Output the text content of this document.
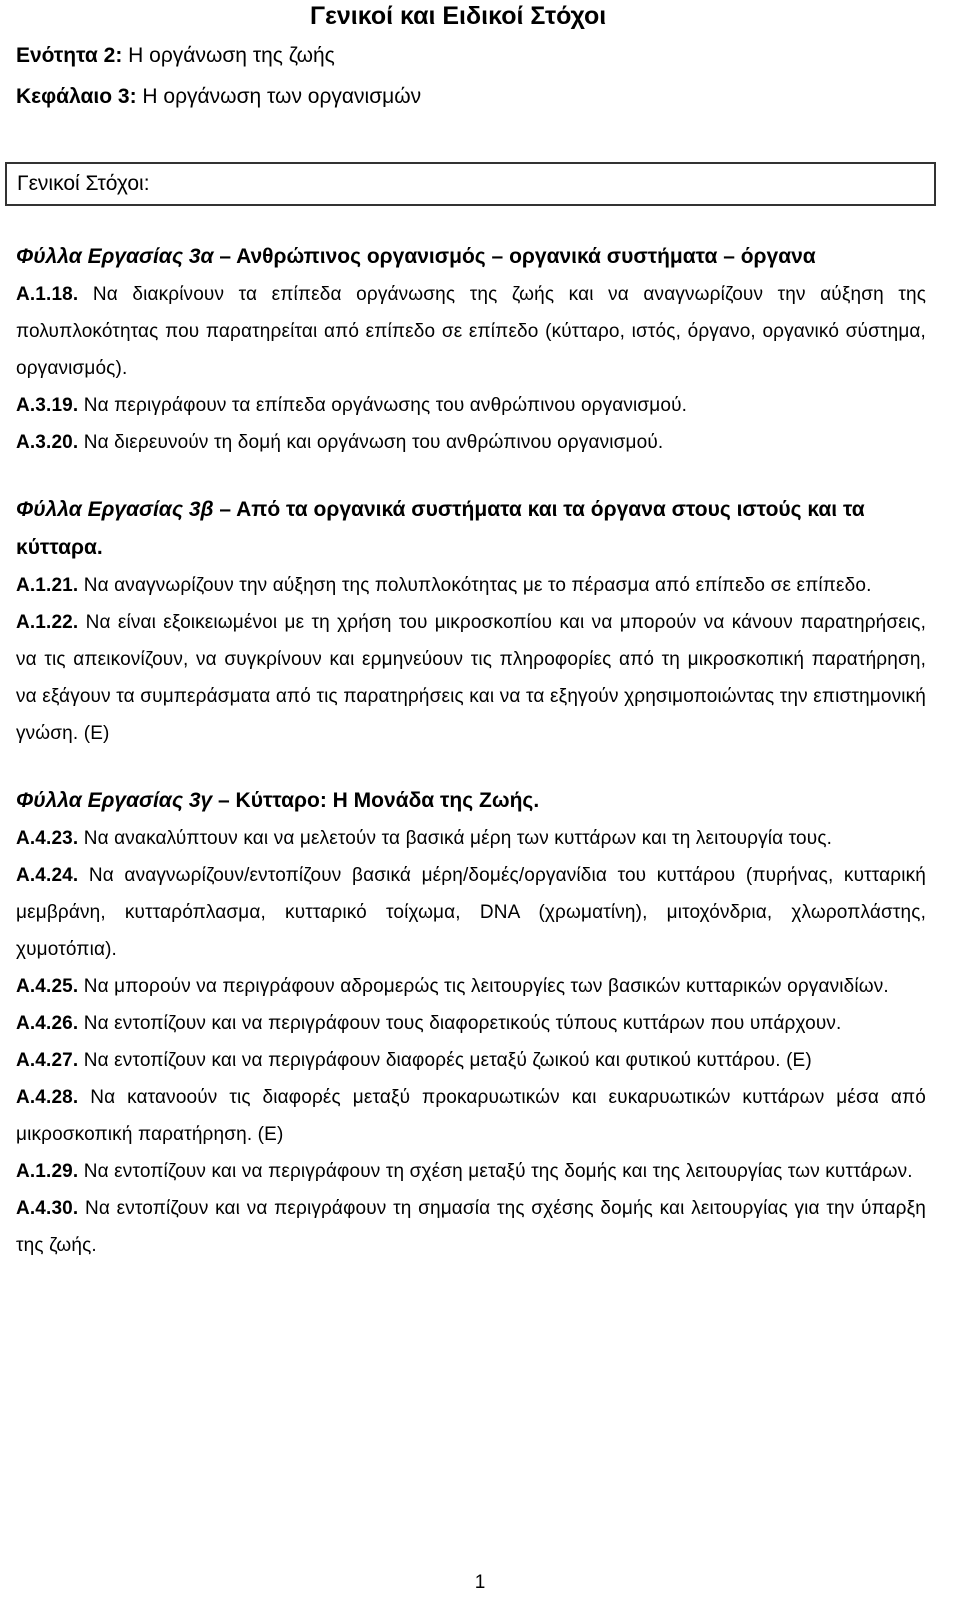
Γενικοί και Ειδικοί Στόχοι
Ενότητα 2: Η οργάνωση της ζωής
Κεφάλαιο 3: Η οργάνωση των οργανισμών
Γενικοί Στόχοι:
Φύλλα Εργασίας 3α – Ανθρώπινος οργανισμός – οργανικά συστήματα – όργανα

Α.1.18. Να διακρίνουν τα επίπεδα οργάνωσης της ζωής και να αναγνωρίζουν την αύξηση της πολυπλοκότητας που παρατηρείται από επίπεδο σε επίπεδο (κύτταρο, ιστός, όργανο, οργανικό σύστημα, οργανισμός).

Α.3.19. Να περιγράφουν τα επίπεδα οργάνωσης του ανθρώπινου οργανισμού.

Α.3.20. Να διερευνούν τη δομή και οργάνωση του ανθρώπινου οργανισμού.

Φύλλα Εργασίας 3β – Από τα οργανικά συστήματα και τα όργανα στους ιστούς και τα κύτταρα.

Α.1.21. Να αναγνωρίζουν την αύξηση της πολυπλοκότητας με το πέρασμα από επίπεδο σε επίπεδο.

Α.1.22. Να είναι εξοικειωμένοι με τη χρήση του μικροσκοπίου και να μπορούν να κάνουν παρατηρήσεις, να τις απεικονίζουν, να συγκρίνουν και ερμηνεύουν τις πληροφορίες από τη μικροσκοπική παρατήρηση, να εξάγουν τα συμπεράσματα από τις παρατηρήσεις και να τα εξηγούν χρησιμοποιώντας την επιστημονική γνώση. (Ε)

Φύλλα Εργασίας 3γ – Κύτταρο: Η Μονάδα της Ζωής.

Α.4.23. Να ανακαλύπτουν και να μελετούν τα βασικά μέρη των κυττάρων και τη λειτουργία τους.

Α.4.24. Να αναγνωρίζουν/εντοπίζουν βασικά μέρη/δομές/οργανίδια του κυττάρου (πυρήνας, κυτταρική μεμβράνη, κυτταρόπλασμα, κυτταρικό τοίχωμα, DNA (χρωματίνη), μιτοχόνδρια, χλωροπλάστης, χυμοτόπια).

Α.4.25. Να μπορούν να περιγράφουν αδρομερώς τις λειτουργίες των βασικών κυτταρικών οργανιδίων.

Α.4.26. Να εντοπίζουν και να περιγράφουν τους διαφορετικούς τύπους κυττάρων που υπάρχουν.

Α.4.27. Να εντοπίζουν και να περιγράφουν διαφορές μεταξύ ζωικού και φυτικού κυττάρου. (Ε)

Α.4.28. Να κατανοούν τις διαφορές μεταξύ προκαρυωτικών και ευκαρυωτικών κυττάρων μέσα από μικροσκοπική παρατήρηση. (Ε)

Α.1.29. Να εντοπίζουν και να περιγράφουν τη σχέση μεταξύ της δομής και της λειτουργίας των κυττάρων.

Α.4.30. Να εντοπίζουν και να περιγράφουν τη σημασία της σχέσης δομής και λειτουργίας για την ύπαρξη της ζωής.

1
